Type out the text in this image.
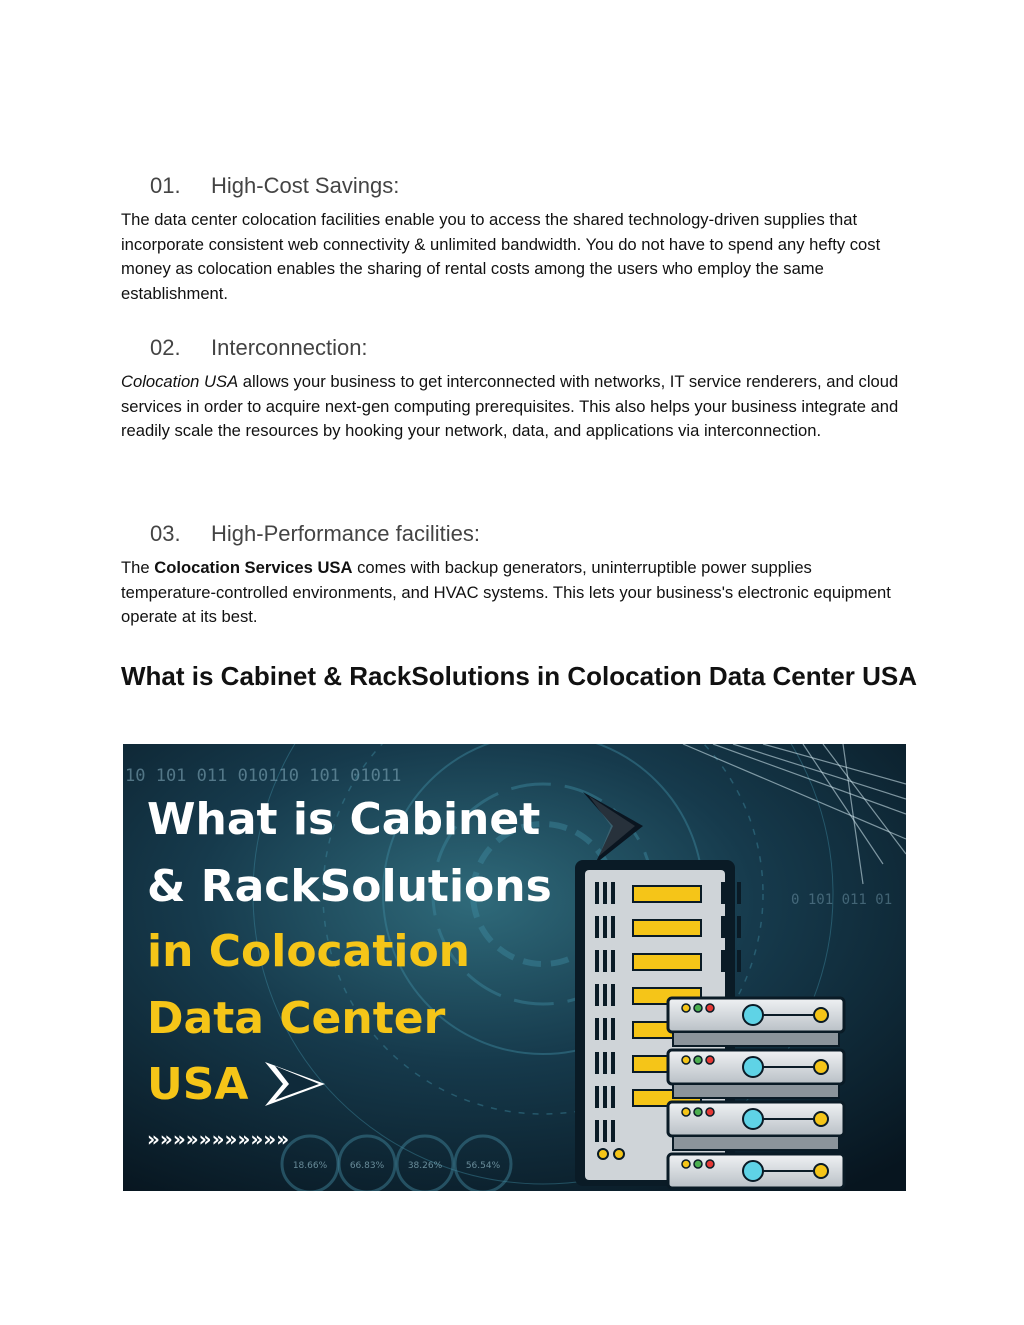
01. High-Cost Savings:

The data center colocation facilities enable you to access the shared technology-driven supplies that incorporate consistent web connectivity & unlimited bandwidth. You do not have to spend any hefty cost money as colocation enables the sharing of rental costs among the users who employ the same establishment.

02. Interconnection:

Colocation USA allows your business to get interconnected with networks, IT service renderers, and cloud services in order to acquire next-gen computing prerequisites. This also helps your business integrate and readily scale the resources by hooking your network, data, and applications via interconnection.

03. High-Performance facilities:

The Colocation Services USA comes with backup generators, uninterruptible power supplies temperature-controlled environments, and HVAC systems. This lets your business's electronic equipment operate at its best.

What is Cabinet & RackSolutions in Colocation Data Center USA
10 101 011 010110 101 01011
0 101 011 01
18.66%	66.83%	38.26%	56.54%
What is Cabinet
& RackSolutions
in Colocation
Data Center
USA
»»»»»»»»»»»
